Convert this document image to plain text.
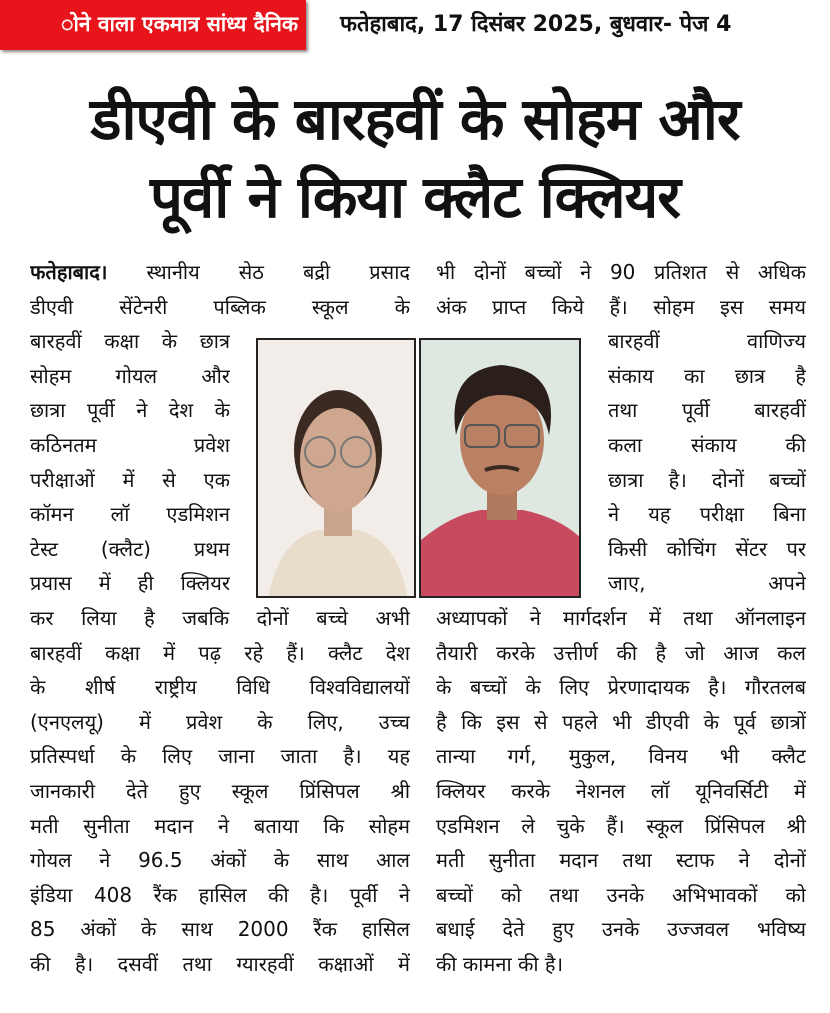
ोने वाला एकमात्र सांध्य दैनिक	फतेहाबाद, 17 दिसंबर 2025, बुधवार- पेज 4
डीएवी के बारहवीं के सोहम और
पूर्वी ने किया क्लैट क्लियर
फतेहाबाद। स्थानीय सेठ बद्री प्रसाद
डीएवी सेंटेनरी पब्लिक स्कूल के
बारहवीं कक्षा के छात्र
सोहम गोयल और
छात्रा पूर्वी ने देश के
कठिनतम प्रवेश
परीक्षाओं में से एक
कॉमन लॉ एडमिशन
टेस्ट (क्लैट) प्रथम
प्रयास में ही क्लियर
कर लिया है जबकि दोनों बच्चे अभी
बारहवीं कक्षा में पढ़ रहे हैं। क्लैट देश
के शीर्ष राष्ट्रीय विधि विश्वविद्यालयों
(एनएलयू) में प्रवेश के लिए, उच्च
प्रतिस्पर्धा के लिए जाना जाता है। यह
जानकारी देते हुए स्कूल प्रिंसिपल श्री
मती सुनीता मदान ने बताया कि सोहम
गोयल ने 96.5 अंकों के साथ आल
इंडिया 408 रैंक हासिल की है। पूर्वी ने
85 अंकों के साथ 2000 रैंक हासिल
की है। दसवीं तथा ग्यारहवीं कक्षाओं में
भी दोनों बच्चों ने 90 प्रतिशत से अधिक
अंक प्राप्त किये हैं। सोहम इस समय
बारहवीं वाणिज्य
संकाय का छात्र है
तथा पूर्वी बारहवीं
कला संकाय की
छात्रा है। दोनों बच्चों
ने यह परीक्षा बिना
किसी कोचिंग सेंटर पर
जाए, अपने
अध्यापकों ने मार्गदर्शन में तथा ऑनलाइन
तैयारी करके उत्तीर्ण की है जो आज कल
के बच्चों के लिए प्रेरणादायक है। गौरतलब
है कि इस से पहले भी डीएवी के पूर्व छात्रों
तान्या गर्ग, मुकुल, विनय भी क्लैट
क्लियर करके नेशनल लॉ यूनिवर्सिटी में
एडमिशन ले चुके हैं। स्कूल प्रिंसिपल श्री
मती सुनीता मदान तथा स्टाफ ने दोनों
बच्चों को तथा उनके अभिभावकों को
बधाई देते हुए उनके उज्जवल भविष्य
की कामना की है।
